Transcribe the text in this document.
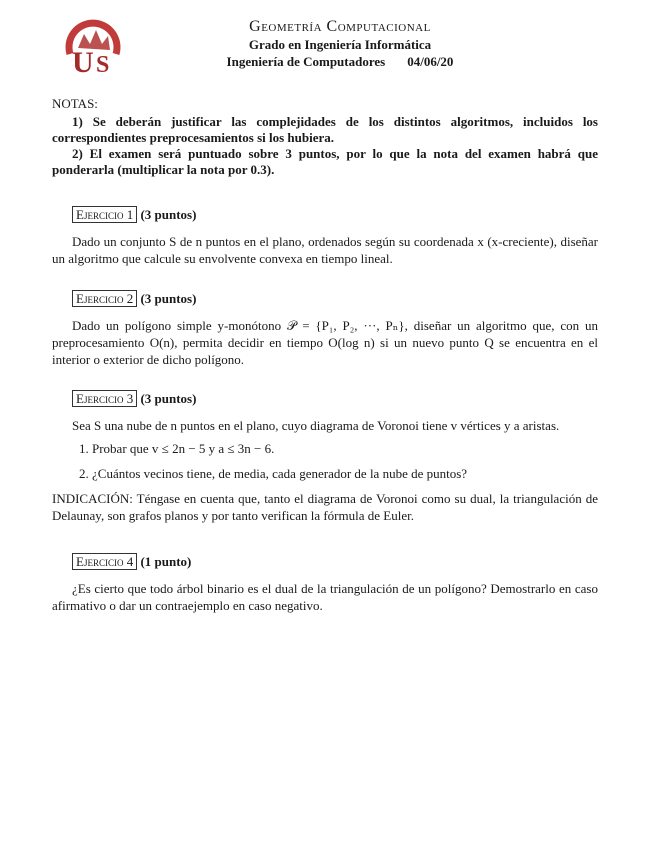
U S
Geometría Computacional
Grado en Ingeniería Informática
Ingeniería de Computadores 04/06/20
NOTAS:

1) Se deberán justificar las complejidades de los distintos algoritmos, incluidos los correspondientes preprocesamientos si los hubiera.

2) El examen será puntuado sobre 3 puntos, por lo que la nota del examen habrá que ponderarla (multiplicar la nota por 0.3).

Ejercicio 1 (3 puntos)

Dado un conjunto S de n puntos en el plano, ordenados según su coordenada x (x-creciente), diseñar un algoritmo que calcule su envolvente convexa en tiempo lineal.

Ejercicio 2 (3 puntos)

Dado un polígono simple y-monótono 𝒫 = {P₁, P₂, ···, Pₙ}, diseñar un algoritmo que, con un preprocesamiento O(n), permita decidir en tiempo O(log n) si un nuevo punto Q se encuentra en el interior o exterior de dicho polígono.

Ejercicio 3 (3 puntos)

Sea S una nube de n puntos en el plano, cuyo diagrama de Voronoi tiene v vértices y a aristas.

1. Probar que v ≤ 2n − 5 y a ≤ 3n − 6.
2. ¿Cuántos vecinos tiene, de media, cada generador de la nube de puntos?

INDICACIÓN: Téngase en cuenta que, tanto el diagrama de Voronoi como su dual, la triangulación de Delaunay, son grafos planos y por tanto verifican la fórmula de Euler.

Ejercicio 4 (1 punto)

¿Es cierto que todo árbol binario es el dual de la triangulación de un polígono? Demostrarlo en caso afirmativo o dar un contraejemplo en caso negativo.
